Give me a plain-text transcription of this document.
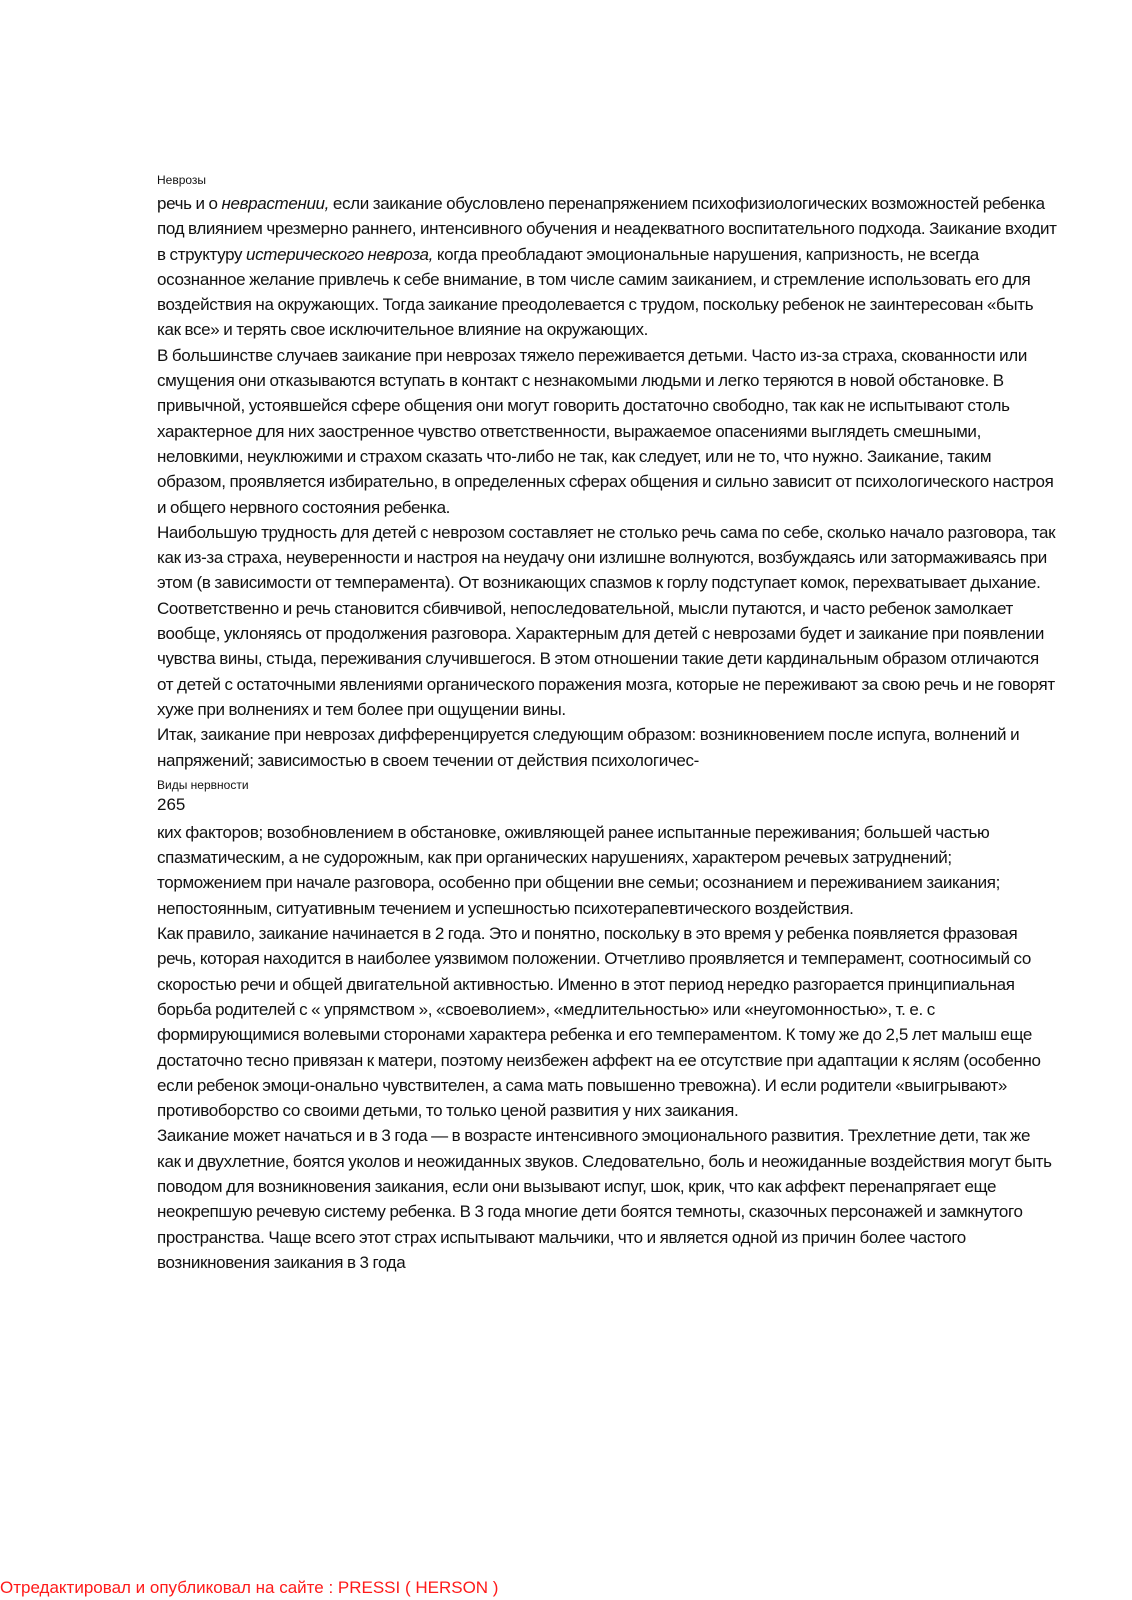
Неврозы

речь и о неврастении, если заикание обусловлено перенапряжением психофизиологических возможностей ребенка под влиянием чрезмерно раннего, интенсивного обучения и неадекватного воспитательного подхода. Заикание входит в структуру истерического невроза, когда преобладают эмоциональные нарушения, капризность, не всегда осознанное желание привлечь к себе внимание, в том числе самим заиканием, и стремление использовать его для воздействия на окружающих. Тогда заикание преодолевается с трудом, поскольку ребенок не заинтересован «быть как все» и терять свое исключительное влияние на окружающих.

В большинстве случаев заикание при неврозах тяжело переживается детьми. Часто из-за страха, скованности или смущения они отказываются вступать в контакт с незнакомыми людьми и легко теряются в новой обстановке. В привычной, устоявшейся сфере общения они могут говорить достаточно свободно, так как не испытывают столь характерное для них заостренное чувство ответственности, выражаемое опасениями выглядеть смешными, неловкими, неуклюжими и страхом сказать что-либо не так, как следует, или не то, что нужно. Заикание, таким образом, проявляется избирательно, в определенных сферах общения и сильно зависит от психологического настроя и общего нервного состояния ребенка.

Наибольшую трудность для детей с неврозом составляет не столько речь сама по себе, сколько начало разговора, так как из-за страха, неуверенности и настроя на неудачу они излишне волнуются, возбуждаясь или затормаживаясь при этом (в зависимости от темперамента). От возникающих спазмов к горлу подступает комок, перехватывает дыхание. Соответственно и речь становится сбивчивой, непоследовательной, мысли путаются, и часто ребенок замолкает вообще, уклоняясь от продолжения разговора. Характерным для детей с неврозами будет и заикание при появлении чувства вины, стыда, переживания случившегося. В этом отношении такие дети кардинальным образом отличаются от детей с остаточными явлениями органического поражения мозга, которые не переживают за свою речь и не говорят хуже при волнениях и тем более при ощущении вины.

Итак, заикание при неврозах дифференцируется следующим образом: возникновением после испуга, волнений и напряжений; зависимостью в своем течении от действия психологичес-

Виды нервности
265

ких факторов; возобновлением в обстановке, оживляющей ранее испытанные переживания; большей частью спазматическим, а не судорожным, как при органических нарушениях, характером речевых затруднений; торможением при начале разговора, особенно при общении вне семьи; осознанием и переживанием заикания; непостоянным, ситуативным течением и успешностью психотерапевтического воздействия.

Как правило, заикание начинается в 2 года. Это и понятно, поскольку в это время у ребенка появляется фразовая речь, которая находится в наиболее уязвимом положении. Отчетливо проявляется и темперамент, соотносимый со скоростью речи и общей двигательной активностью. Именно в этот период нередко разгорается принципиальная борьба родителей с « упрямством », «своеволием», «медлительностью» или «неугомонностью», т. е. с формирующимися волевыми сторонами характера ребенка и его темпераментом. К тому же до 2,5 лет малыш еще достаточно тесно привязан к матери, поэтому неизбежен аффект на ее отсутствие при адаптации к яслям (особенно если ребенок эмоци-онально чувствителен, а сама мать повышенно тревожна). И если родители «выигрывают» противоборство со своими детьми, то только ценой развития у них заикания.

Заикание может начаться и в 3 года — в возрасте интенсивного эмоционального развития. Трехлетние дети, так же как и двухлетние, боятся уколов и неожиданных звуков. Следовательно, боль и неожиданные воздействия могут быть поводом для возникновения заикания, если они вызывают испуг, шок, крик, что как аффект перенапрягает еще неокрепшую речевую систему ребенка. В 3 года многие дети боятся темноты, сказочных персонажей и замкнутого пространства. Чаще всего этот страх испытывают мальчики, что и является одной из причин более частого возникновения заикания в 3 года

Отредактировал и опубликовал на сайте : PRESSI ( HERSON )
